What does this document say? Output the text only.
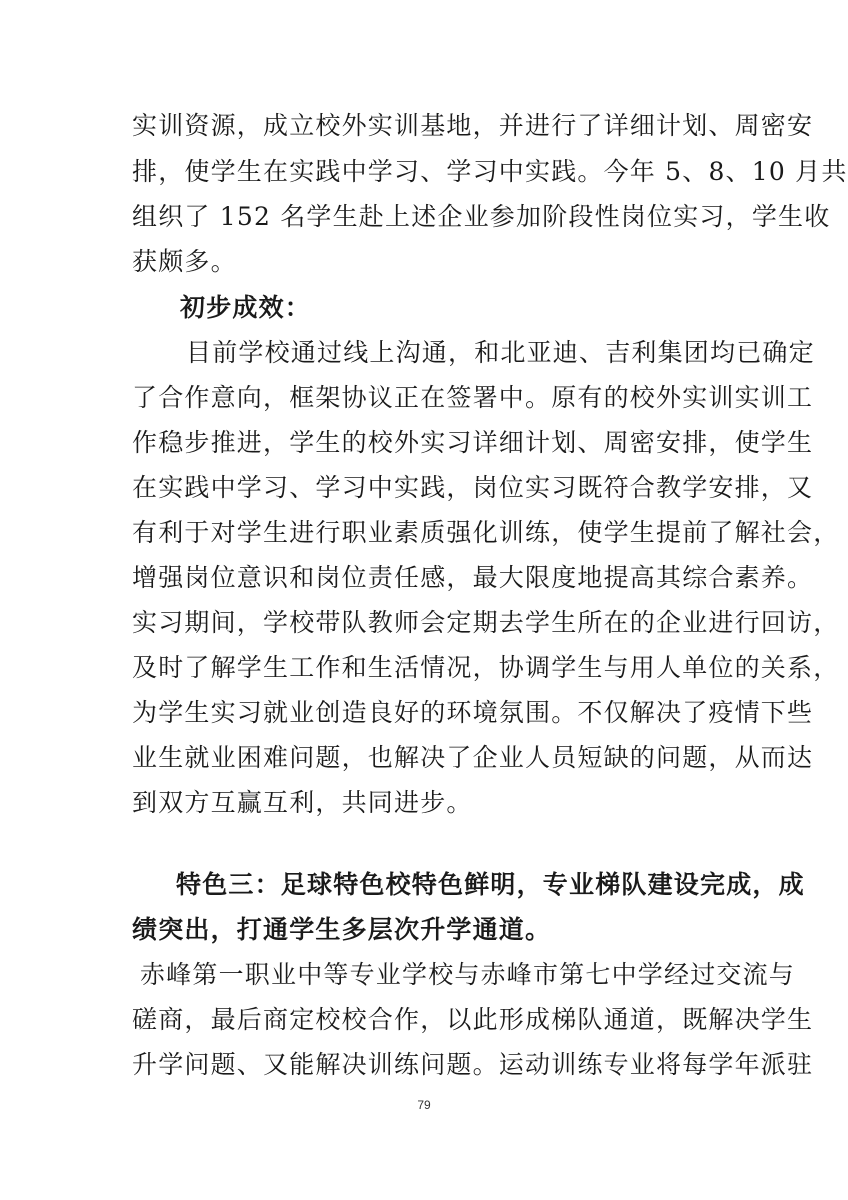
实训资源，成立校外实训基地，并进行了详细计划、周密安
排，使学生在实践中学习、学习中实践。今年 5、8、10 月共
组织了 152 名学生赴上述企业参加阶段性岗位实习，学生收
获颇多。
初步成效：
目前学校通过线上沟通，和北亚迪、吉利集团均已确定
了合作意向，框架协议正在签署中。原有的校外实训实训工
作稳步推进，学生的校外实习详细计划、周密安排，使学生
在实践中学习、学习中实践，岗位实习既符合教学安排，又
有利于对学生进行职业素质强化训练，使学生提前了解社会，
增强岗位意识和岗位责任感，最大限度地提高其综合素养。
实习期间，学校带队教师会定期去学生所在的企业进行回访，
及时了解学生工作和生活情况，协调学生与用人单位的关系，
为学生实习就业创造良好的环境氛围。不仅解决了疫情下些
业生就业困难问题，也解决了企业人员短缺的问题，从而达
到双方互赢互利，共同进步。
特色三：足球特色校特色鲜明，专业梯队建设完成，成
绩突出，打通学生多层次升学通道。
赤峰第一职业中等专业学校与赤峰市第七中学经过交流与
磋商，最后商定校校合作，以此形成梯队通道，既解决学生
升学问题、又能解决训练问题。运动训练专业将每学年派驻
79
